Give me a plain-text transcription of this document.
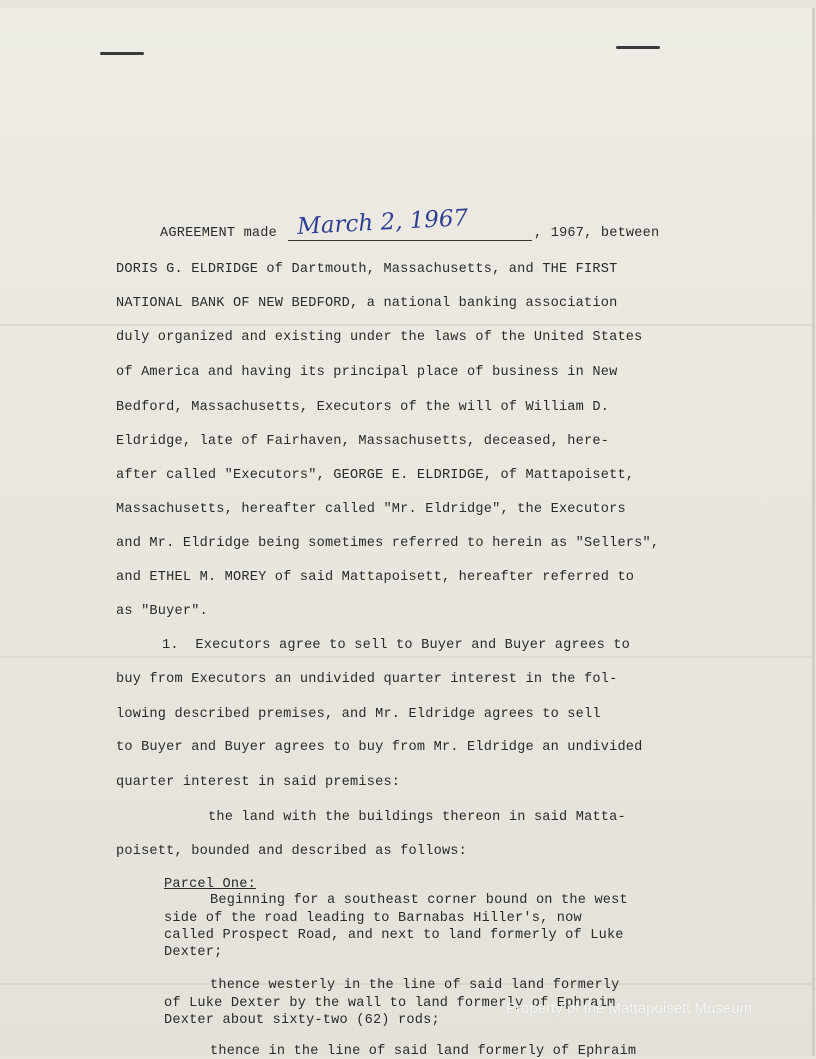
AGREEMENT made March 2, 1967	, 1967, between
DORIS G. ELDRIDGE of Dartmouth, Massachusetts, and THE FIRST
NATIONAL BANK OF NEW BEDFORD, a national banking association
duly organized and existing under the laws of the United States
of America and having its principal place of business in New
Bedford, Massachusetts, Executors of the will of William D.
Eldridge, late of Fairhaven, Massachusetts, deceased, here-
after called "Executors", GEORGE E. ELDRIDGE, of Mattapoisett,
Massachusetts, hereafter called "Mr. Eldridge", the Executors
and Mr. Eldridge being sometimes referred to herein as "Sellers",
and ETHEL M. MOREY of said Mattapoisett, hereafter referred to
as "Buyer".
1.  Executors agree to sell to Buyer and Buyer agrees to
buy from Executors an undivided quarter interest in the fol-
lowing described premises, and Mr. Eldridge agrees to sell
to Buyer and Buyer agrees to buy from Mr. Eldridge an undivided
quarter interest in said premises:
the land with the buildings thereon in said Matta-
poisett, bounded and described as follows:
Parcel One:
Beginning for a southeast corner bound on the west
side of the road leading to Barnabas Hiller's, now
called Prospect Road, and next to land formerly of Luke
Dexter;
thence westerly in the line of said land formerly
of Luke Dexter by the wall to land formerly of Ephraim
Dexter about sixty-two (62) rods;
thence in the line of said land formerly of Ephraim
Property of the Mattapoisett Museum
